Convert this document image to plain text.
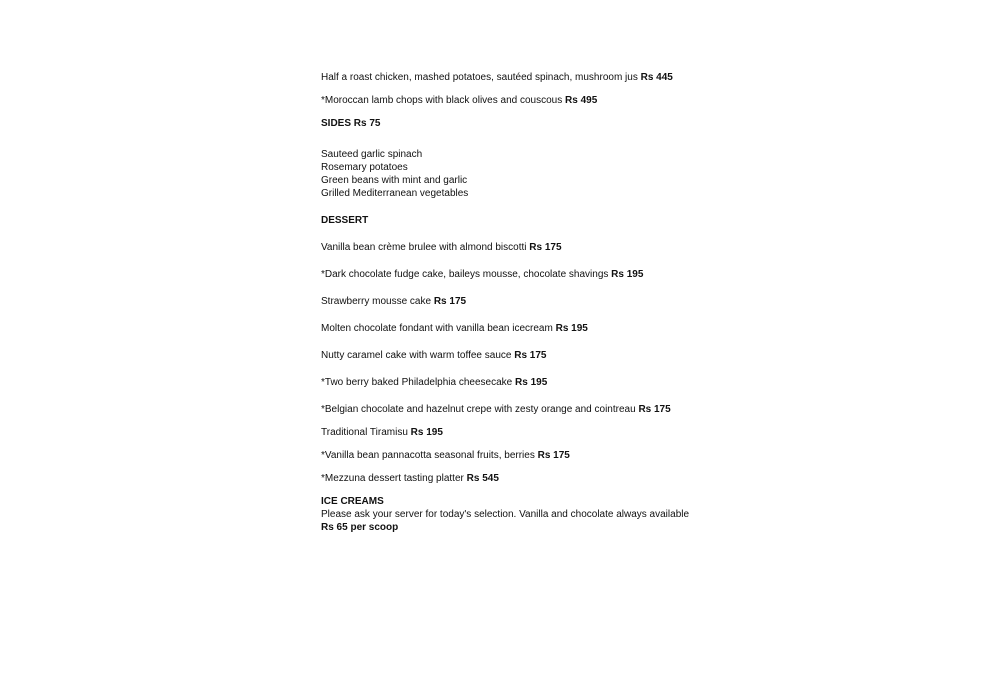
Half a roast chicken, mashed potatoes, sautéed spinach, mushroom jus Rs 445

*Moroccan lamb chops with black olives and couscous Rs 495

SIDES Rs 75

Sauteed garlic spinach

Rosemary potatoes

Green beans with mint and garlic

Grilled Mediterranean vegetables

DESSERT

Vanilla bean crème brulee with almond biscotti Rs 175

*Dark chocolate fudge cake, baileys mousse, chocolate shavings Rs 195

Strawberry mousse cake Rs 175

Molten chocolate fondant with vanilla bean icecream Rs 195

Nutty caramel cake with warm toffee sauce Rs 175

*Two berry baked Philadelphia cheesecake Rs 195

*Belgian chocolate and hazelnut crepe with zesty orange and cointreau Rs 175

Traditional Tiramisu Rs 195

*Vanilla bean pannacotta seasonal fruits, berries Rs 175

*Mezzuna dessert tasting platter Rs 545

ICE CREAMS

Please ask your server for today's selection. Vanilla and chocolate always available

Rs 65 per scoop
